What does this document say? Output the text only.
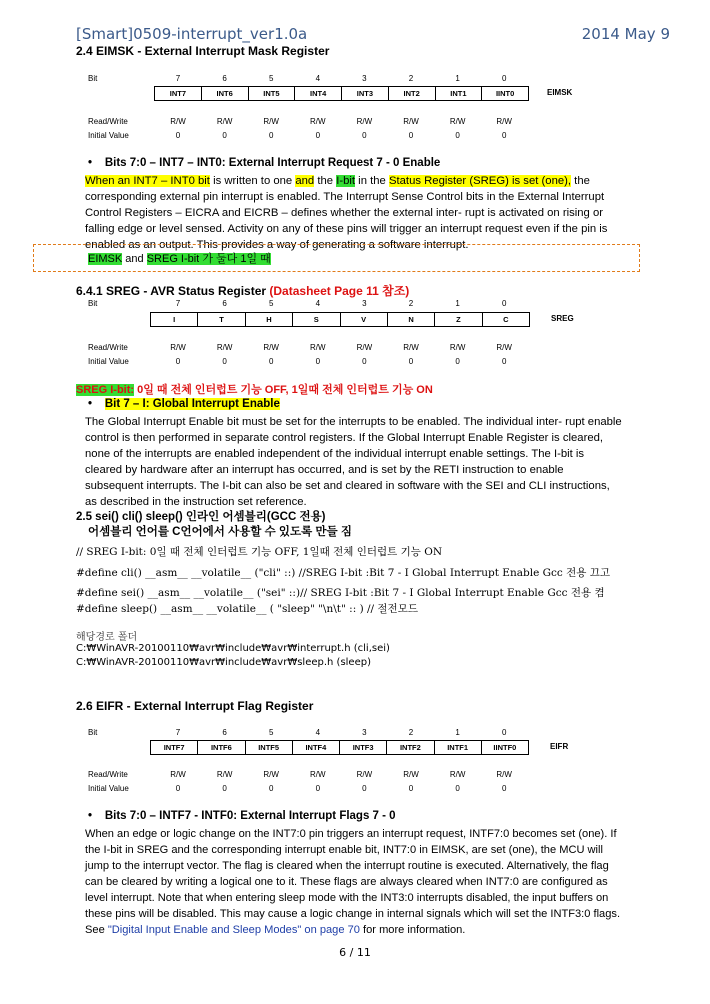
[Smart]0509-interrupt_ver1.0a	2014 May 9
2.4 EIMSK - External Interrupt Mask Register
Bit	7	6	5	4	3	2	1	0
INT7	INT6	INT5	INT4	INT3	INT2	INT1	IINT0	EIMSK
Read/Write	R/W	R/W	R/W	R/W	R/W	R/W	R/W	R/W
Initial Value	0	0	0	0	0	0	0	0
•    Bits 7:0 – INT7 – INT0: External Interrupt Request 7 - 0 Enable
When an INT7 – INT0 bit is written to one and the I-bit in the Status Register (SREG) is set (one), the
corresponding external pin interrupt is enabled. The Interrupt Sense Control bits in the External Interrupt
Control Registers – EICRA and EICRB – defines whether the external inter- rupt is activated on rising or
falling edge or level sensed. Activity on any of these pins will trigger an interrupt request even if the pin is
enabled as an output. This provides a way of generating a software interrupt.
EIMSK and SREG I-bit 가 둘다 1일 때
6.4.1 SREG - AVR Status Register (Datasheet Page 11 참조)
Bit	7	6	5	4	3	2	1	0
I	T	H	S	V	N	Z	C	SREG
Read/Write	R/W	R/W	R/W	R/W	R/W	R/W	R/W	R/W
Initial Value	0	0	0	0	0	0	0	0
SREG I-bit: 0일 때 전체 인터럽트 기능 OFF, 1일때 전체 인터럽트 기능 ON
•    Bit 7 – I: Global Interrupt Enable
The Global Interrupt Enable bit must be set for the interrupts to be enabled. The individual inter- rupt enable
control is then performed in separate control registers. If the Global Interrupt Enable Register is cleared,
none of the interrupts are enabled independent of the individual interrupt enable settings. The I-bit is
cleared by hardware after an interrupt has occurred, and is set by the RETI instruction to enable
subsequent interrupts. The I-bit can also be set and cleared in software with the SEI and CLI instructions,
as described in the instruction set reference.
2.5 sei() cli() sleep() 인라인 어셈블리(GCC 전용)
어셈블리 언어를 C언어에서 사용할 수 있도록 만들 짐
// SREG I-bit: 0일 때 전체 인터럽트 기능 OFF, 1일때 전체 인터럽트 기능 ON
#define cli() __asm__ __volatile__ ("cli" ::) //SREG I-bit :Bit 7 - I Global Interrupt Enable Gcc 전용 끄고
#define sei() __asm__ __volatile__ ("sei" ::)// SREG I-bit :Bit 7 - I Global Interrupt Enable Gcc 전용 켬
#define sleep() __asm__ __volatile__ ( "sleep" "\n\t" :: ) // 절전모드
해당경로 폴더
C:₩WinAVR-20100110₩avr₩include₩avr₩interrupt.h (cli,sei)
C:₩WinAVR-20100110₩avr₩include₩avr₩sleep.h (sleep)
2.6 EIFR - External Interrupt Flag Register
Bit	7	6	5	4	3	2	1	0
INTF7	INTF6	INTF5	INTF4	INTF3	INTF2	INTF1	IINTF0	EIFR
Read/Write	R/W	R/W	R/W	R/W	R/W	R/W	R/W	R/W
Initial Value	0	0	0	0	0	0	0	0
•    Bits 7:0 – INTF7 - INTF0: External Interrupt Flags 7 - 0
When an edge or logic change on the INT7:0 pin triggers an interrupt request, INTF7:0 becomes set (one). If
the I-bit in SREG and the corresponding interrupt enable bit, INT7:0 in EIMSK, are set (one), the MCU will
jump to the interrupt vector. The flag is cleared when the interrupt routine is executed. Alternatively, the flag
can be cleared by writing a logical one to it. These flags are always cleared when INT7:0 are configured as
level interrupt. Note that when entering sleep mode with the INT3:0 interrupts disabled, the input buffers on
these pins will be disabled. This may cause a logic change in internal signals which will set the INTF3:0 flags.
See "Digital Input Enable and Sleep Modes" on page 70 for more information.
6 / 11
